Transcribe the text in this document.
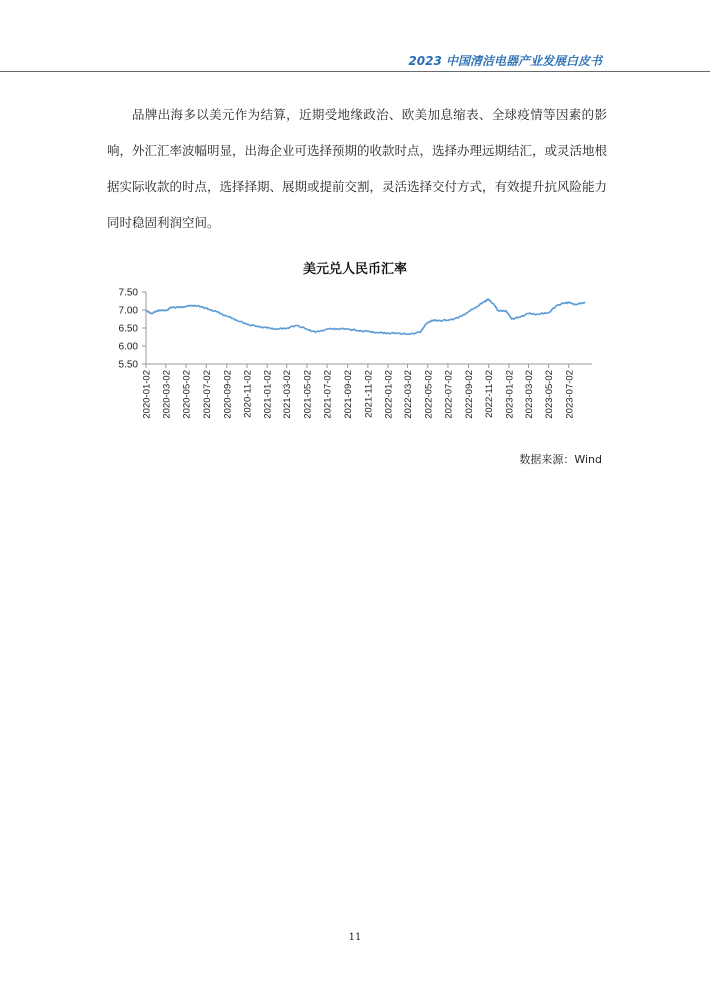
2023 中国清洁电器产业发展白皮书

品牌出海多以美元作为结算，近期受地缘政治、欧美加息缩表、全球疫情等因素的影响，外汇汇率波幅明显，出海企业可选择预期的收款时点，选择办理远期结汇，或灵活地根据实际收款的时点，选择择期、展期或提前交割，灵活选择交付方式，有效提升抗风险能力同时稳固利润空间。

美元兑人民币汇率
7.50
7.00
6.50
6.00
5.50
2020-01-02 2020-03-02 2020-05-02 2020-07-02 2020-09-02 2020-11-02 2021-01-02 2021-03-02 2021-05-02 2021-07-02 2021-09-02 2021-11-02 2022-01-02 2022-03-02 2022-05-02 2022-07-02 2022-09-02 2022-11-02 2023-01-02 2023-03-02 2023-05-02 2023-07-02
数据来源：Wind
11
